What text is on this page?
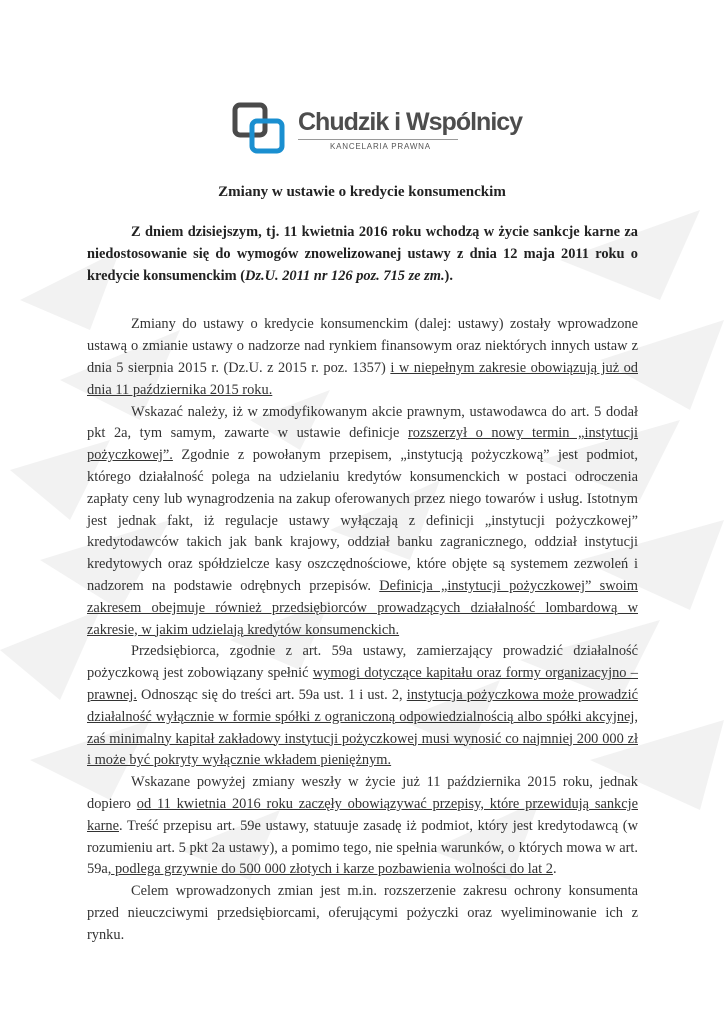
Chudzik i Wspólnicy
KANCELARIA PRAWNA
Zmiany w ustawie o kredycie konsumenckim

Z dniem dzisiejszym, tj. 11 kwietnia 2016 roku wchodzą w życie sankcje karne za niedostosowanie się do wymogów znowelizowanej ustawy z dnia 12 maja 2011 roku o kredycie konsumenckim (Dz.U. 2011 nr 126 poz. 715 ze zm.).

Zmiany do ustawy o kredycie konsumenckim (dalej: ustawy) zostały wprowadzone ustawą o zmianie ustawy o nadzorze nad rynkiem finansowym oraz niektórych innych ustaw z dnia 5 sierpnia 2015 r. (Dz.U. z 2015 r. poz. 1357) i w niepełnym zakresie obowiązują już od dnia 11 października 2015 roku.

Wskazać należy, iż w zmodyfikowanym akcie prawnym, ustawodawca do art. 5 dodał pkt 2a, tym samym, zawarte w ustawie definicje rozszerzył o nowy termin „instytucji pożyczkowej”. Zgodnie z powołanym przepisem, „instytucją pożyczkową” jest podmiot, którego działalność polega na udzielaniu kredytów konsumenckich w postaci odroczenia zapłaty ceny lub wynagrodzenia na zakup oferowanych przez niego towarów i usług. Istotnym jest jednak fakt, iż regulacje ustawy wyłączają z definicji „instytucji pożyczkowej” kredytodawców takich jak bank krajowy, oddział banku zagranicznego, oddział instytucji kredytowych oraz spółdzielcze kasy oszczędnościowe, które objęte są systemem zezwoleń i nadzorem na podstawie odrębnych przepisów. Definicja „instytucji pożyczkowej” swoim zakresem obejmuje również przedsiębiorców prowadzących działalność lombardową w zakresie, w jakim udzielają kredytów konsumenckich.

Przedsiębiorca, zgodnie z art. 59a ustawy, zamierzający prowadzić działalność pożyczkową jest zobowiązany spełnić wymogi dotyczące kapitału oraz formy organizacyjno – prawnej. Odnosząc się do treści art. 59a ust. 1 i ust. 2, instytucja pożyczkowa może prowadzić działalność wyłącznie w formie spółki z ograniczoną odpowiedzialnością albo spółki akcyjnej, zaś minimalny kapitał zakładowy instytucji pożyczkowej musi wynosić co najmniej 200 000 zł i może być pokryty wyłącznie wkładem pieniężnym.

Wskazane powyżej zmiany weszły w życie już 11 października 2015 roku, jednak dopiero od 11 kwietnia 2016 roku zaczęły obowiązywać przepisy, które przewidują sankcje karne. Treść przepisu art. 59e ustawy, statuuje zasadę iż podmiot, który jest kredytodawcą (w rozumieniu art. 5 pkt 2a ustawy), a pomimo tego, nie spełnia warunków, o których mowa w art. 59a, podlega grzywnie do 500 000 złotych i karze pozbawienia wolności do lat 2.

Celem wprowadzonych zmian jest m.in. rozszerzenie zakresu ochrony konsumenta przed nieuczciwymi przedsiębiorcami, oferującymi pożyczki oraz wyeliminowanie ich z rynku.
